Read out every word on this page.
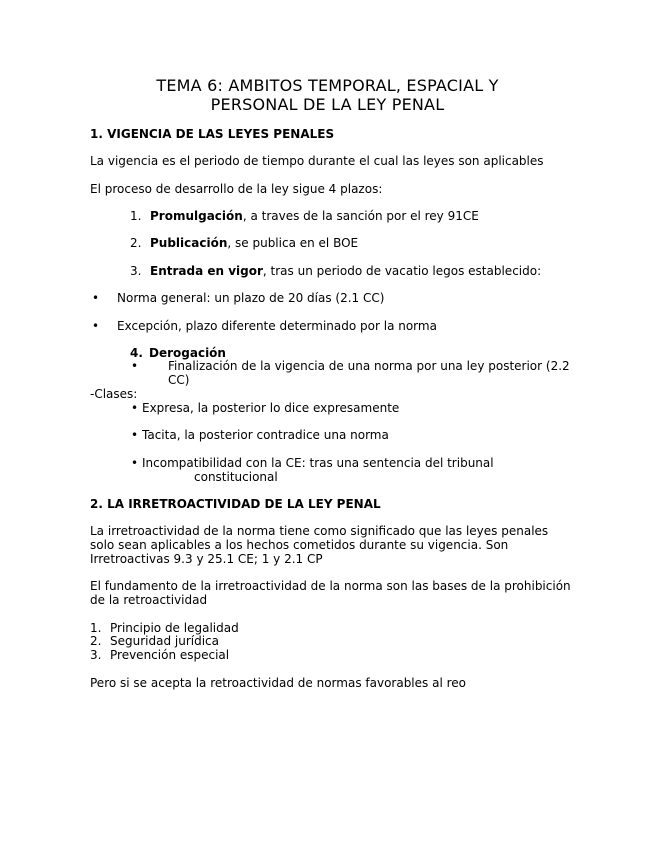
TEMA 6: AMBITOS TEMPORAL, ESPACIAL Y
PERSONAL DE LA LEY PENAL
1. VIGENCIA DE LAS LEYES PENALES
La vigencia es el periodo de tiempo durante el cual las leyes son aplicables
El proceso de desarrollo de la ley sigue 4 plazos:
1. Promulgación, a traves de la sanción por el rey 91CE
2. Publicación, se publica en el BOE
3. Entrada en vigor, tras un periodo de vacatio legos establecido:
• Norma general: un plazo de 20 días (2.1 CC)
• Excepción, plazo diferente determinado por la norma
4. Derogación
• Finalización de la vigencia de una norma por una ley posterior (2.2
CC)
-Clases:
• Expresa, la posterior lo dice expresamente
• Tacita, la posterior contradice una norma
• Incompatibilidad con la CE: tras una sentencia del tribunal
constitucional
2. LA IRRETROACTIVIDAD DE LA LEY PENAL
La irretroactividad de la norma tiene como significado que las leyes penales
solo sean aplicables a los hechos cometidos durante su vigencia. Son
Irretroactivas 9.3 y 25.1 CE; 1 y 2.1 CP
El fundamento de la irretroactividad de la norma son las bases de la prohibición
de la retroactividad
1. Principio de legalidad
2. Seguridad jurídica
3. Prevención especial
Pero si se acepta la retroactividad de normas favorables al reo
